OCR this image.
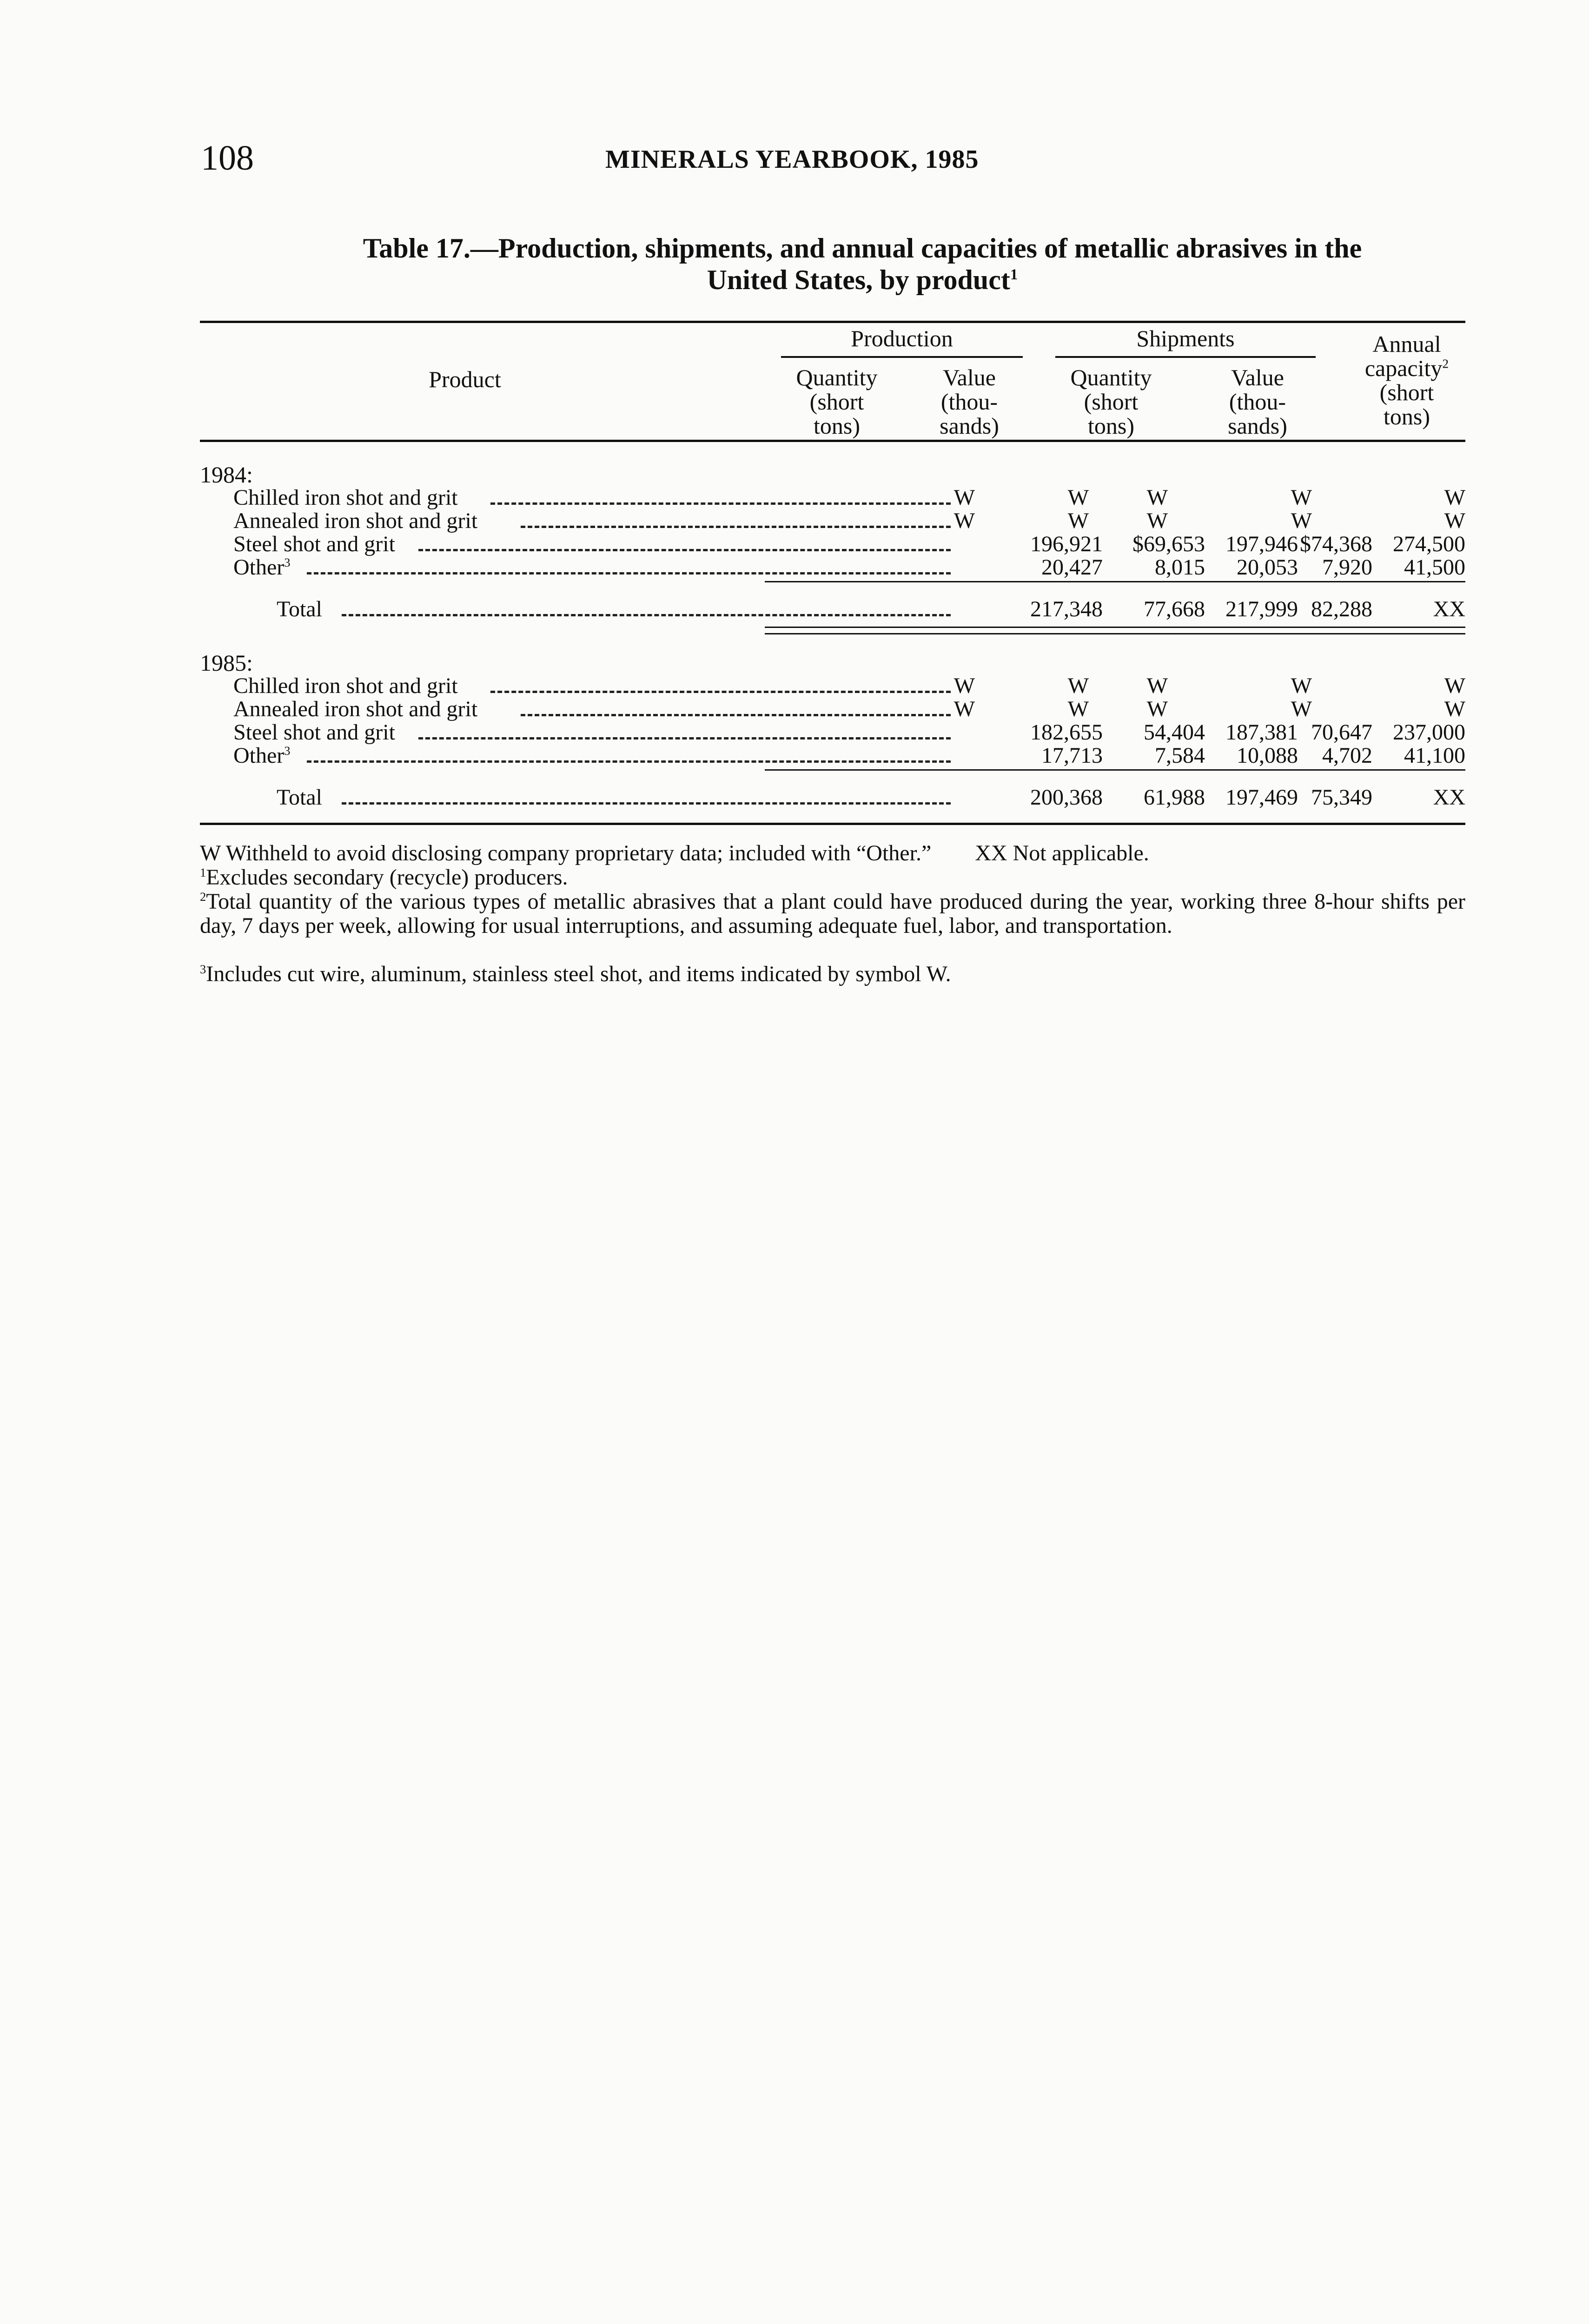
108	MINERALS YEARBOOK, 1985
Table 17.—Production, shipments, and annual capacities of metallic abrasives in the
United States, by product$^1$
Product
Production	Shipments
Quantity
(short
tons)
Value
(thou-
sands)
Quantity
(short
tons)
Value
(thou-
sands)
Annual
capacity$^2$
(short
tons)
1984:
Chilled iron shot and grit	W	W	W	W	W
Annealed iron shot and grit	W	W	W	W	W
Steel shot and grit	196,921 $69,653 197,946 $74,368 274,500
Other$^3$	20,427 8,015 20,053 7,920 41,500
Total	217,348 77,668 217,999 82,288	XX
1985:
Chilled iron shot and grit	W	W	W	W	W
Annealed iron shot and grit	W	W	W	W	W
Steel shot and grit	182,655 54,404 187,381 70,647 237,000
Other$^3$	17,713 7,584 10,088 4,702 41,100
Total	200,368 61,988 197,469 75,349	XX
W Withheld to avoid disclosing company proprietary data; included with “Other.” XX Not applicable.
$^1$Excludes secondary (recycle) producers.
$^2$Total quantity of the various types of metallic abrasives that a plant could have produced during the year, working three 8-hour shifts per day, 7 days per week, allowing for usual interruptions, and assuming adequate fuel, labor, and transportation.
$^3$Includes cut wire, aluminum, stainless steel shot, and items indicated by symbol W.
